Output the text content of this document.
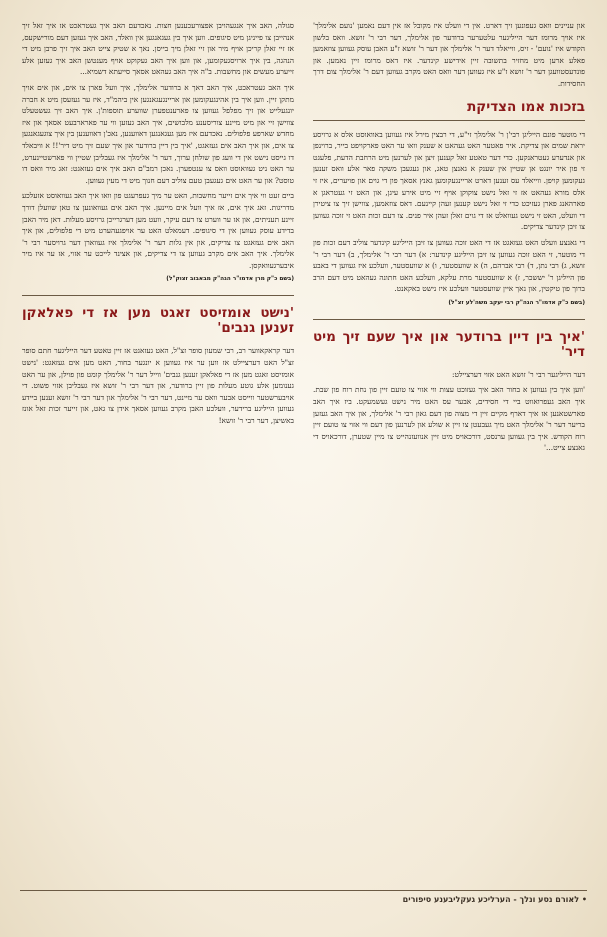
און עניינים וואס געפונען זיך דארט. אין די וועלט איז מקובל אז אין דעם נאמען 'נועם אלימלך' איז אויך מרומז דער הייליגער עלטערער ברודער פון אלימלך, דער רבי ר' זושא. וואס בלשון הקודש איז 'נועם' - זיס, ווייאלד דער ר' אלימלך און דער ר' זושא ז"ע האבן עוסק געווען צוזאמען פאלע ארען מיט מחזיר בתשובה זיין אידישע קינדער. איז דאס מרומז זיין נאמען. און פונדעסטוועגן דער ר' זושא ז"ע איז געווען דער וואס האט מקרב געווען דעם ר' אלימלך צום דרך החסידות.

בזכות אמו הצדיקת

די מוטער פונם הייליגן רבי'ן ר' אלימלך זי"ע, די רבצין מירל איז געווען באוואוסט אלס א גרויסע יראת שמים און צדיקת. איר פאטער האט געהאט א שענק וואו ער האט פארקויפט בייר, ברוינפן און אנדערע געטראנקען. כדי דער טאטע זאל קענען זיצן און לערנען מיט הרחבת הדעת, פלעגט זי פון איר יונגט אן שטיין אין שענק א גאנצן טאג, און געגעבן משקה פאר אלע וואס זענען געקומען קויפן. ווייאלד עס זענען דארט אריינגעקומען גאנץ אסאך פון די גוים און פויערים, איז זי אלס מורא געהאט אז זי זאל נישט צוקוקן אויף זיי מיט אירע עיגן, און האט זי געטראגן א פארהאנג פארן געזיכט כדי זי זאל נישט קענען זעהן קיינעם. דאס צוזאמען, צווישן זיך צו ציטירן די וועלט, האט זי נישט געוואלט אז די גוים זאלן זעהן איר פנים. צו דעם זכות האט זי זוכה געווען צו זיבן קינדער צדיקים.

די גאנצע וועלט האט געזאגט אז די האט זוכה געווען צו זיבן הייליגע קינדער צוליב דעם זכות פון די מוטער, זי האט זוכה געווען צו זיבן הייליגע קינדער: א) דער רבי ר' אלימלך, ב) דער רבי ר' זושא, ג) רבי נתן, ד) רבי אברהם, ה) א שוועסטער, ו) א שוועסטער, וועלכע איז געווען די באבע פון הייליגן ר' יששכר, ז) א שוועסטער מרת עלקא, וועלכע האט חתונה געהאט מיט דעם הרב ברוך פון טיקטין, און נאך איין שוועסטער וועלכע איז נישט באקאנט.

(בשם כ"ק אדמו"ר הגה"ק רבי יעקב משה'לע זצ"ל)
'איך בין דיין ברודער און איך שעם זיך מיט דיר'

דער הייליגער רבי ר' זושא האט אזוי דערציילט:

'ווען איך בין געווען א בחור האב איך געזוכט עצות ווי אזוי צו טועם זיין פון נחת רוח פון שבת. איך האב געפרואווט ביי די חסידים, אבער עס האט מיר נישט געשמעקט. ביז איך האב פארשטאנען אז איך דארף מקיים זיין די מצוה פון דעם גאון רבי ר' אלימלך, און איך האב געזען בריער דער ר' אלימלך האט מיך געבעטן צו זיין א שולע און לערנען פון דעם ווי אזוי צו טועם זיין רוח הקודש. איך בין געווען ערנסט, דורכאויס מיט זיין אנוועזנהייט צו מיין שטערן, דורכאויס די גאנצע צייט...'

סגולה, האב איך אנגעהויבן אפצורעכענען חצות. נאכדעם האב איך געטראכט אז איך זאל זיך אנהייבן צו פייניגן מיט סיגופים. ווען איך בין געגאנגען אין וואלד, האב איך געזען דעם מורישקעס, אז זיי זאלן קריכן אויף מיר און זיי זאלן מיך בייסן. נאך א שטיק צייט האב איך זיך פרבן מיט די הנהגה, בין איך ארויסגעקומען, און ווען איך האב געקוקט אויף מענטשן האב איך געזען אלע זייערע מעשים און מחשבות. ב"ה איך האב געהאט אסאך סייעתא דשמיא...

איך האב געטראכט, איך האב דאך א ברודער אלימלך, איך וועל פארן צו אים, און אים אויך מתקן זיין. ווען איך בין אהינגעקומען און אריינגעגאנגען אין ביהמ"ד, איז ער געזעסן מיט א חברה יונגעלייט און זיך מפלפל געווען צו פארענטפערן שווערע תוספות'ן. איך האב זיך געשטעלט צווישן זיי און מיט מיינע צוריסענע מלבושים, איך האב געזען ווי ער פארארבעט אסאך און איז מחדש שארפע פלפולים. נאכדעם איז מען געגאנגען דאווענען, נאכ'ן דאווענען בין איך צוגעגאנגען צו אים, און איך האב אים געזאגט, 'איך בין דיין ברודער און איך שעם זיך מיט דיר'!! א וויבאלד דו גייסט נישט אין די וועג פון שולחן ערוך, דער ר' אלימלך איז געבליבן שטיין ווי פארשטיינערט, ער האט ניט געוואוסט וואס צו ענטפערן. נאכן רמב"ם האב איך אים געזאגט: זאג מיר וואס דו טוסט? און ער האט אים געגעבן טעם צוליב דעם חנוך מיט די מעין געווען.

ביים זעט ווי איך אים זייער מחשבות, האט ער מיך געפרעגט פון וואו איך האב געוואוסט אזעלכע מדריגות. זאג איך אים, אז איך וועל אים מיינען. איך האב אים געוואונען צו טאן שוועלן דורך זיינע תעניתים, און אז ער ווערט צו דעם עיקר, וועט מען דערגרייכן גרויסע מעלות. דאן מיר האבן בדידע עוסק געווען אין די סיגופים. דעמאלט האט ער אויפגעהערט מיט די פלפולים, און איך האב אים געזאגט צו צדיקים, און אין גלות דער ר' אלימלך איז געווארן דער גרויסער רבי ר' אלימלך. איך האב אים מקרב געווען צו די צדיקים, און אצינד לייכט ער אזוי, אז ער איז מיר איבערגעוואקסן.

(בשם כ"ק מרן אדמו"ר הגה"ק מבאבוב זצוק"ל)
'נישט אומזיסט זאגט מען אז די פאלאקן זענען גנבים'

דער קראקאווער רב, רבי שמעון סופר זצ"ל, האט געזאגט אז זיין טאטע דער הייליגער חתם סופר זצ"ל האט דערציילט אז ווען ער איז געווען א יונגער בחור, האט מען אים געזאגט: 'נישט אומזיסט זאגט מען אז די פאלאקן זענען גנבים' ווייל דער ר' אלימלך קומט פון פוילן, און ער האט גענומען אלע גוטע מעלות פון זיין ברודער, און דער רבי ר' זושא איז געבליבן אזוי פשוט. די אויבערשטער ווייסט אבער וואס ער מיינט, דער רבי ר' אלימלך און דער רבי ר' זושא זענען ביידע געווען הייליגע ברידער, וועלכע האבן מקרב געווען אסאך אידן צו גאט, און זייער זכות זאל אונז באשיצן, דער רבי ר' זושא!

• לאורם נסע ונלך - הערליכע געקליבענע סיפורים
